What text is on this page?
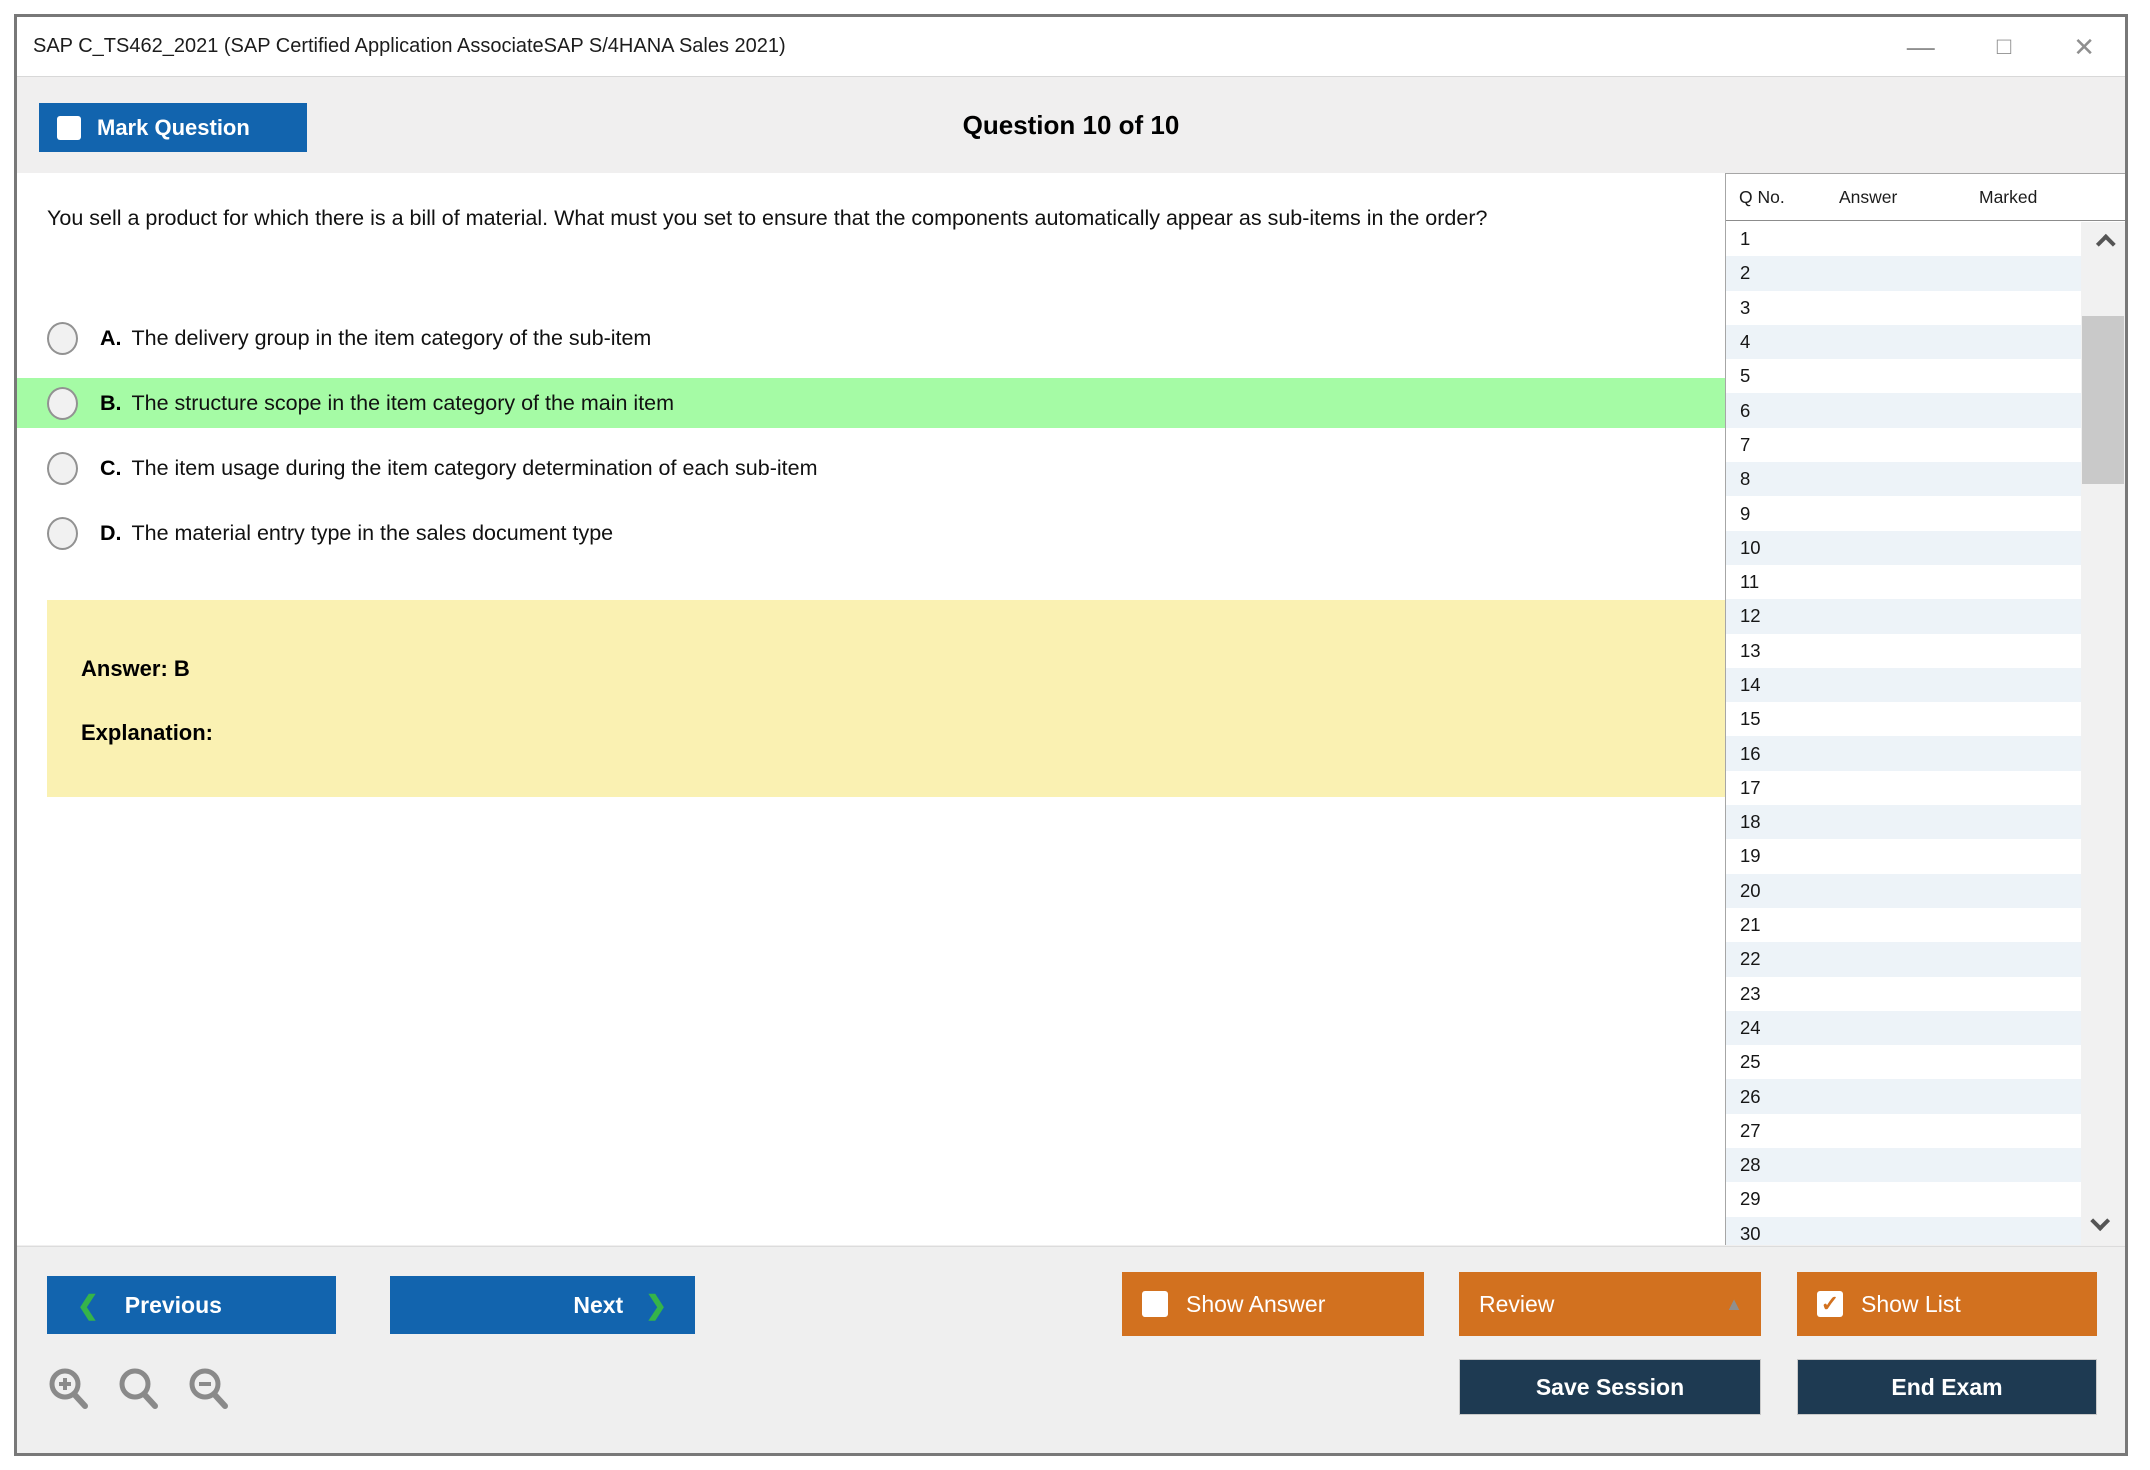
SAP C_TS462_2021 (SAP Certified Application AssociateSAP S/4HANA Sales 2021)	—	□ ✕
Question 10 of 10
Mark Question
You sell a product for which there is a bill of material. What must you set to ensure that the components automatically appear as sub-items in the order?
A. The delivery group in the item category of the sub-item
B. The structure scope in the item category of the main item
C. The item usage during the item category determination of each sub-item
D. The material entry type in the sales document type
Answer: B
Explanation:
Q No.	Answer	Marked
1
2
3
4
5
6
7
8
9
10
11
12
13
14
15
16
17
18
19
20
21
22
23
24
25
26
27
28
29
30
❮ Previous	Next ❯	Show Answer	Review	▲	✓ Show List
Save Session	End Exam
